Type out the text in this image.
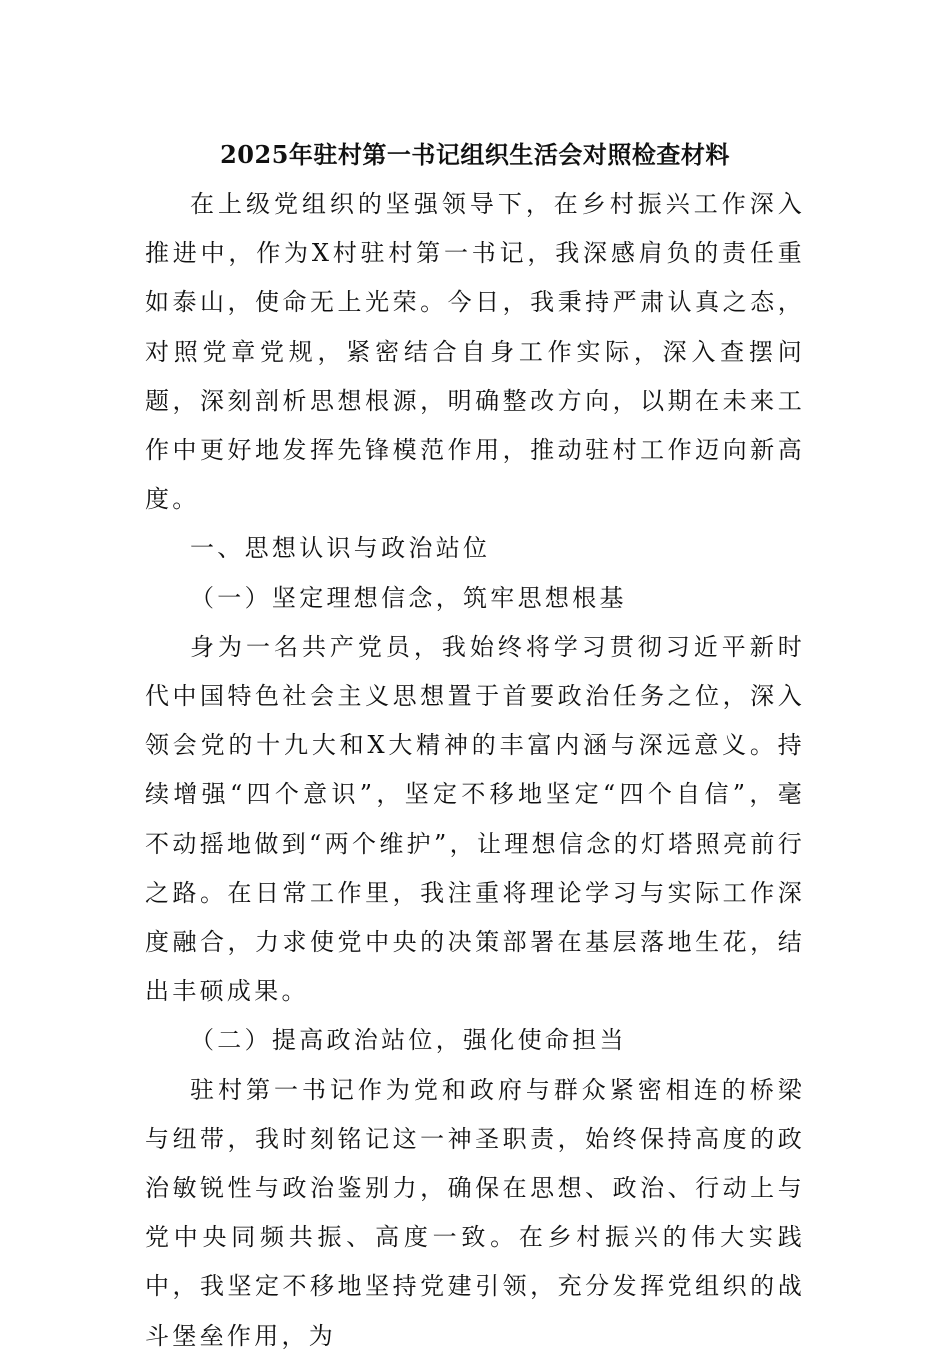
2025年驻村第一书记组织生活会对照检查材料

在上级党组织的坚强领导下，在乡村振兴工作深入推进中，作为X村驻村第一书记，我深感肩负的责任重如泰山，使命无上光荣。今日，我秉持严肃认真之态，对照党章党规，紧密结合自身工作实际，深入查摆问题，深刻剖析思想根源，明确整改方向，以期在未来工作中更好地发挥先锋模范作用，推动驻村工作迈向新高度。

一、思想认识与政治站位

（一）坚定理想信念，筑牢思想根基

身为一名共产党员，我始终将学习贯彻习近平新时代中国特色社会主义思想置于首要政治任务之位，深入领会党的十九大和X大精神的丰富内涵与深远意义。持续增强“四个意识”，坚定不移地坚定“四个自信”，毫不动摇地做到“两个维护”，让理想信念的灯塔照亮前行之路。在日常工作里，我注重将理论学习与实际工作深度融合，力求使党中央的决策部署在基层落地生花，结出丰硕成果。

（二）提高政治站位，强化使命担当

驻村第一书记作为党和政府与群众紧密相连的桥梁与纽带，我时刻铭记这一神圣职责，始终保持高度的政治敏锐性与政治鉴别力，确保在思想、政治、行动上与党中央同频共振、高度一致。在乡村振兴的伟大实践中，我坚定不移地坚持党建引领，充分发挥党组织的战斗堡垒作用，为
